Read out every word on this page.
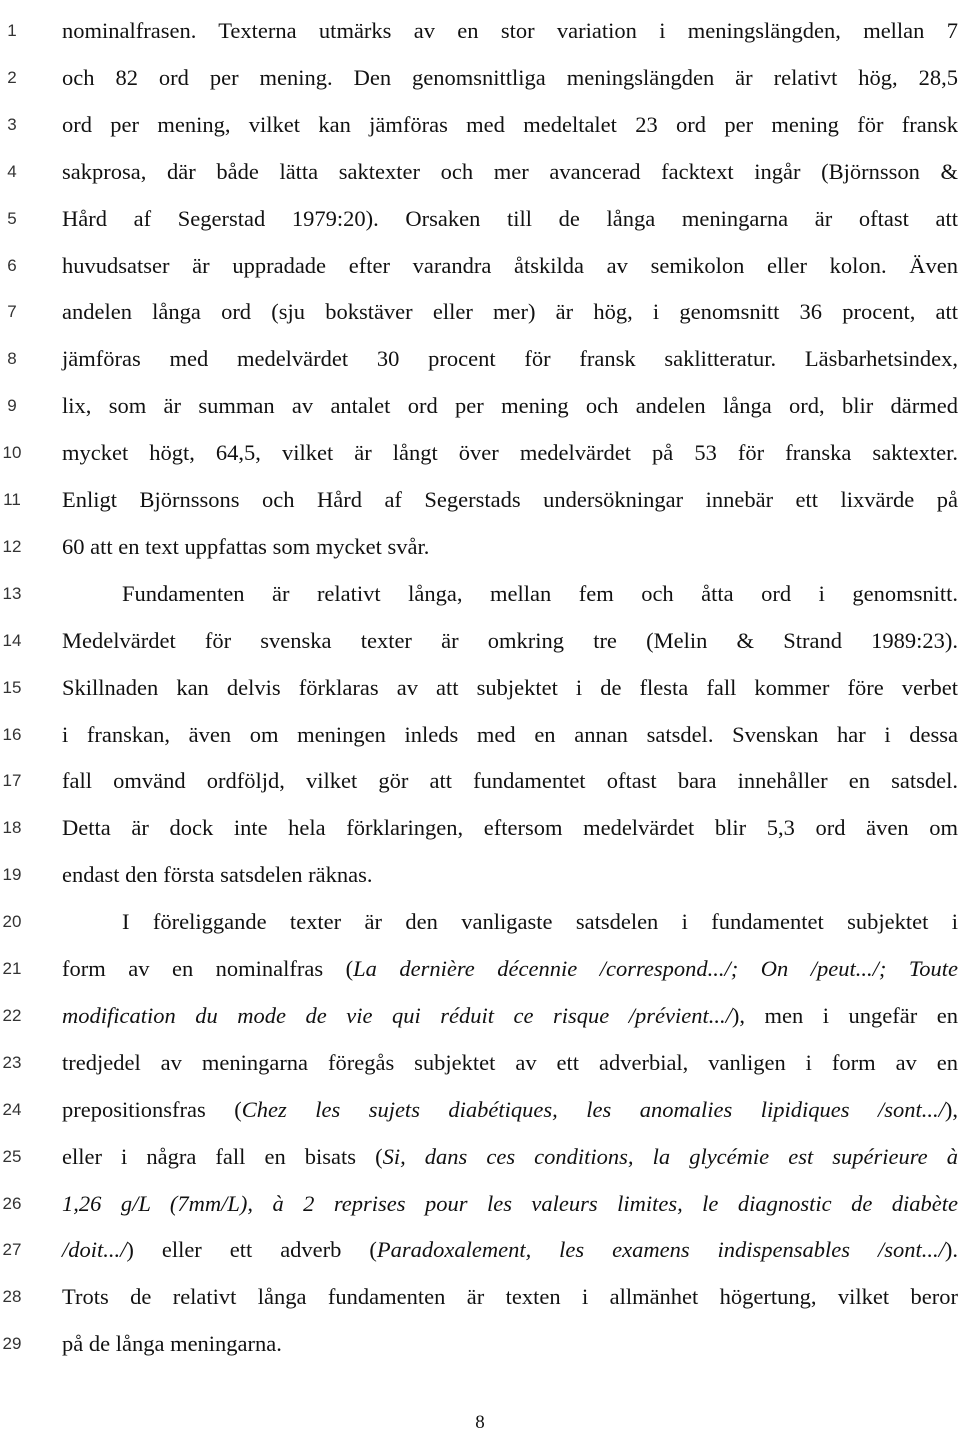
1
2
3
4
5
6
7
8
9
10
11
12
13
14
15
16
17
18
19
20
21
22
23
24
25
26
27
28
29
nominalfrasen. Texterna utmärks av en stor variation i meningslängden, mellan 7
och 82 ord per mening. Den genomsnittliga meningslängden är relativt hög, 28,5
ord per mening, vilket kan jämföras med medeltalet 23 ord per mening för fransk
sakprosa, där både lätta saktexter och mer avancerad facktext ingår (Björnsson &
Hård af Segerstad 1979:20). Orsaken till de långa meningarna är oftast att
huvudsatser är uppradade efter varandra åtskilda av semikolon eller kolon. Även
andelen långa ord (sju bokstäver eller mer) är hög, i genomsnitt 36 procent, att
jämföras med medelvärdet 30 procent för fransk saklitteratur. Läsbarhetsindex,
lix, som är summan av antalet ord per mening och andelen långa ord, blir därmed
mycket högt, 64,5, vilket är långt över medelvärdet på 53 för franska saktexter.
Enligt Björnssons och Hård af Segerstads undersökningar innebär ett lixvärde på
60 att en text uppfattas som mycket svår.
Fundamenten är relativt långa, mellan fem och åtta ord i genomsnitt.
Medelvärdet för svenska texter är omkring tre (Melin & Strand 1989:23).
Skillnaden kan delvis förklaras av att subjektet i de flesta fall kommer före verbet
i franskan, även om meningen inleds med en annan satsdel. Svenskan har i dessa
fall omvänd ordföljd, vilket gör att fundamentet oftast bara innehåller en satsdel.
Detta är dock inte hela förklaringen, eftersom medelvärdet blir 5,3 ord även om
endast den första satsdelen räknas.
I föreliggande texter är den vanligaste satsdelen i fundamentet subjektet i
form av en nominalfras (La dernière décennie /correspond.../; On /peut.../; Toute
modification du mode de vie qui réduit ce risque /prévient.../), men i ungefär en
tredjedel av meningarna föregås subjektet av ett adverbial, vanligen i form av en
prepositionsfras (Chez les sujets diabétiques, les anomalies lipidiques /sont.../),
eller i några fall en bisats (Si, dans ces conditions, la glycémie est supérieure à
1,26 g/L (7mm/L), à 2 reprises pour les valeurs limites, le diagnostic de diabète
/doit.../) eller ett adverb (Paradoxalement, les examens indispensables /sont.../).
Trots de relativt långa fundamenten är texten i allmänhet högertung, vilket beror
på de långa meningarna.
8
